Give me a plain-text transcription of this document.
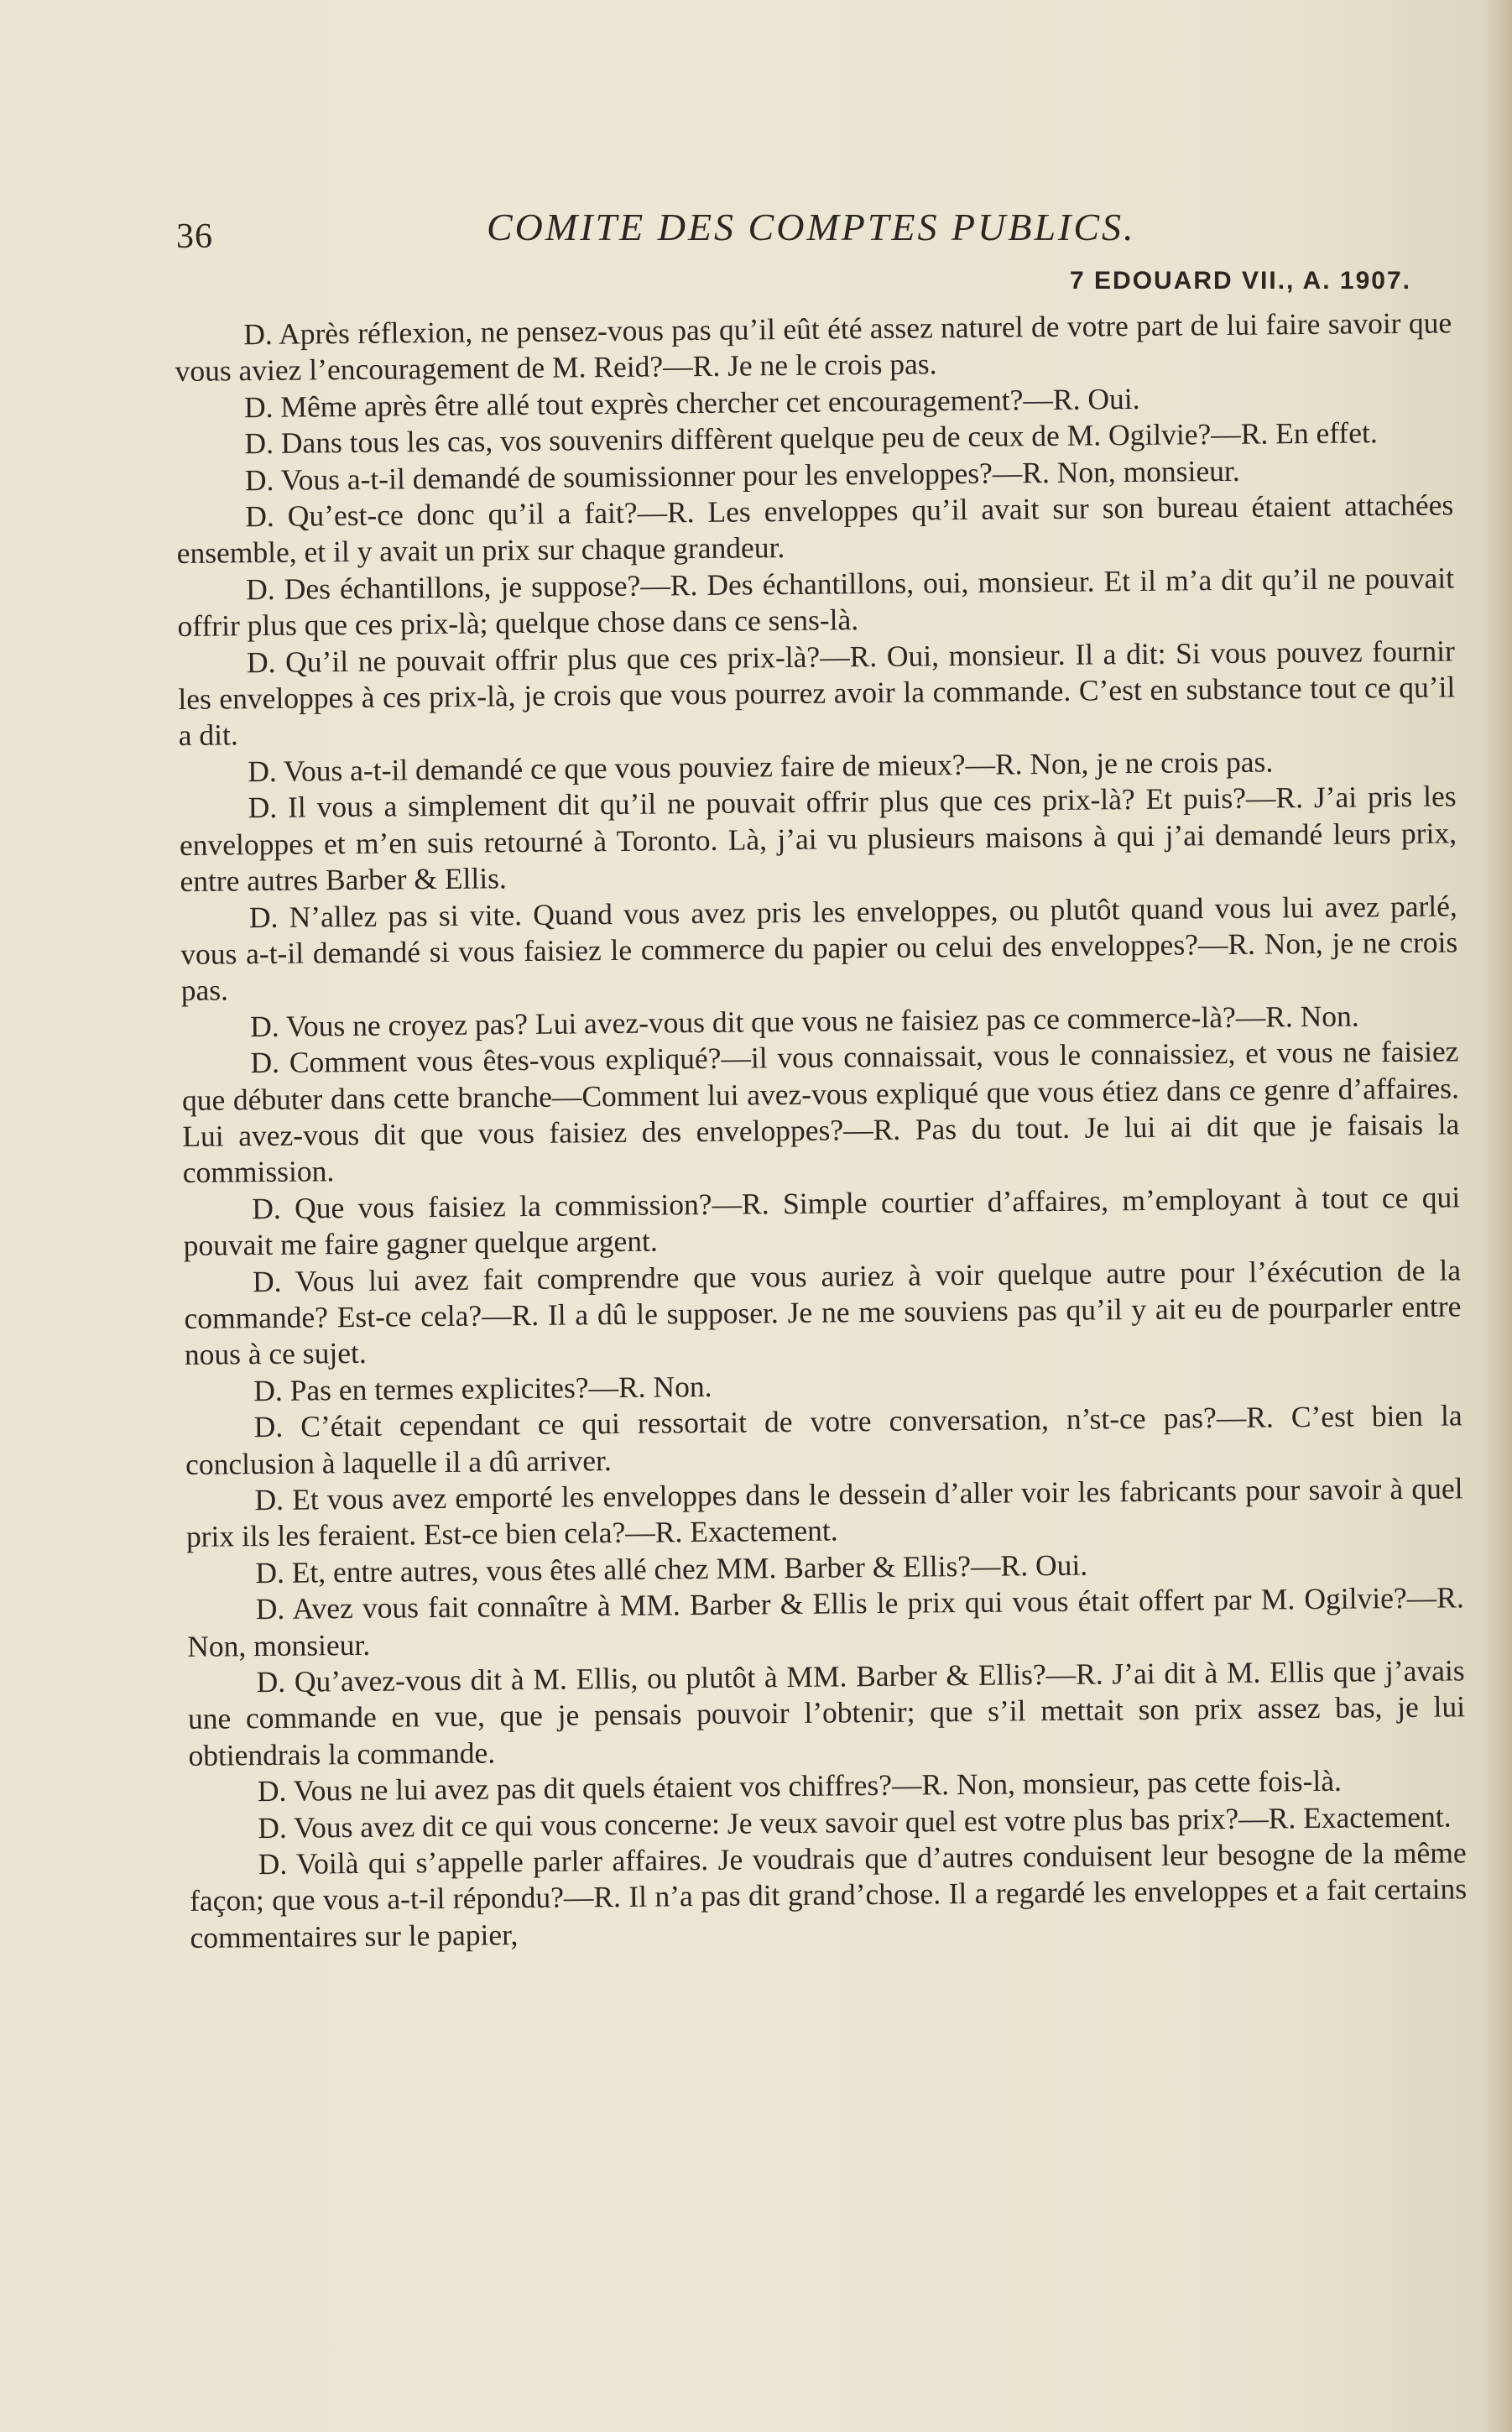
36	COMITE DES COMPTES PUBLICS.
7 EDOUARD VII., A. 1907.

D. Après réflexion, ne pensez-vous pas qu’il eût été assez naturel de votre part de lui faire savoir que vous aviez l’encouragement de M. Reid?—R. Je ne le crois pas.

D. Même après être allé tout exprès chercher cet encouragement?—R. Oui.

D. Dans tous les cas, vos souvenirs diffèrent quelque peu de ceux de M. Ogilvie?—R. En effet.

D. Vous a-t-il demandé de soumissionner pour les enveloppes?—R. Non, monsieur.

D. Qu’est-ce donc qu’il a fait?—R. Les enveloppes qu’il avait sur son bureau étaient attachées ensemble, et il y avait un prix sur chaque grandeur.

D. Des échantillons, je suppose?—R. Des échantillons, oui, monsieur. Et il m’a dit qu’il ne pouvait offrir plus que ces prix-là; quelque chose dans ce sens-là.

D. Qu’il ne pouvait offrir plus que ces prix-là?—R. Oui, monsieur. Il a dit: Si vous pouvez fournir les enveloppes à ces prix-là, je crois que vous pourrez avoir la commande. C’est en substance tout ce qu’il a dit.

D. Vous a-t-il demandé ce que vous pouviez faire de mieux?—R. Non, je ne crois pas.

D. Il vous a simplement dit qu’il ne pouvait offrir plus que ces prix-là? Et puis?—R. J’ai pris les enveloppes et m’en suis retourné à Toronto. Là, j’ai vu plusieurs maisons à qui j’ai demandé leurs prix, entre autres Barber & Ellis.

D. N’allez pas si vite. Quand vous avez pris les enveloppes, ou plutôt quand vous lui avez parlé, vous a-t-il demandé si vous faisiez le commerce du papier ou celui des enveloppes?—R. Non, je ne crois pas.

D. Vous ne croyez pas? Lui avez-vous dit que vous ne faisiez pas ce commerce-là?—R. Non.

D. Comment vous êtes-vous expliqué?—il vous connaissait, vous le connaissiez, et vous ne faisiez que débuter dans cette branche—Comment lui avez-vous expliqué que vous étiez dans ce genre d’affaires. Lui avez-vous dit que vous faisiez des enveloppes?—R. Pas du tout. Je lui ai dit que je faisais la commission.

D. Que vous faisiez la commission?—R. Simple courtier d’affaires, m’employant à tout ce qui pouvait me faire gagner quelque argent.

D. Vous lui avez fait comprendre que vous auriez à voir quelque autre pour l’éxécution de la commande? Est-ce cela?—R. Il a dû le supposer. Je ne me souviens pas qu’il y ait eu de pourparler entre nous à ce sujet.

D. Pas en termes explicites?—R. Non.

D. C’était cependant ce qui ressortait de votre conversation, n’st-ce pas?—R. C’est bien la conclusion à laquelle il a dû arriver.

D. Et vous avez emporté les enveloppes dans le dessein d’aller voir les fabricants pour savoir à quel prix ils les feraient. Est-ce bien cela?—R. Exactement.

D. Et, entre autres, vous êtes allé chez MM. Barber & Ellis?—R. Oui.

D. Avez vous fait connaître à MM. Barber & Ellis le prix qui vous était offert par M. Ogilvie?—R. Non, monsieur.

D. Qu’avez-vous dit à M. Ellis, ou plutôt à MM. Barber & Ellis?—R. J’ai dit à M. Ellis que j’avais une commande en vue, que je pensais pouvoir l’obtenir; que s’il mettait son prix assez bas, je lui obtiendrais la commande.

D. Vous ne lui avez pas dit quels étaient vos chiffres?—R. Non, monsieur, pas cette fois-là.

D. Vous avez dit ce qui vous concerne: Je veux savoir quel est votre plus bas prix?—R. Exactement.

D. Voilà qui s’appelle parler affaires. Je voudrais que d’autres conduisent leur besogne de la même façon; que vous a-t-il répondu?—R. Il n’a pas dit grand’chose. Il a regardé les enveloppes et a fait certains commentaires sur le papier,
